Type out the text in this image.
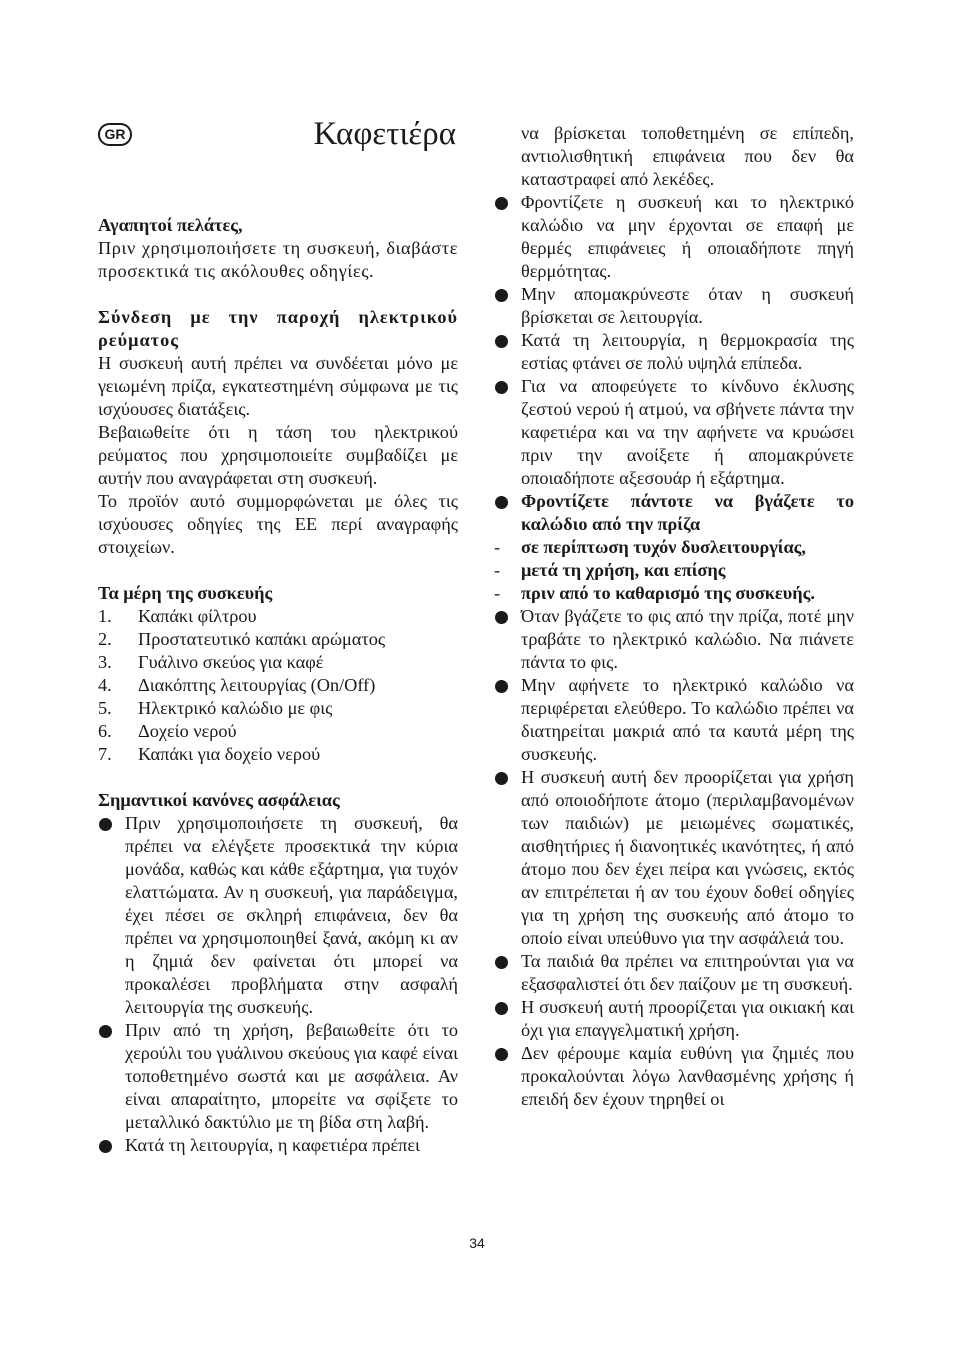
GR	Καφετιέρα

Αγαπητοί πελάτες,

Πριν χρησιμοποιήσετε τη συσκευή, διαβάστε προσεκτικά τις ακόλουθες οδηγίες.

Σύνδεση με την παροχή ηλεκτρικού ρεύματος

Η συσκευή αυτή πρέπει να συνδέεται μόνο με γειωμένη πρίζα, εγκατεστημένη σύμφωνα με τις ισχύουσες διατάξεις.

Βεβαιωθείτε ότι η τάση του ηλεκτρικού ρεύματος που χρησιμοποιείτε συμβαδίζει με αυτήν που αναγράφεται στη συσκευή.

Το προϊόν αυτό συμμορφώνεται με όλες τις ισχύουσες οδηγίες της ΕΕ περί αναγραφής στοιχείων.

Τα μέρη της συσκευής

1.	Καπάκι φίλτρου
2.	Προστατευτικό καπάκι αρώματος
3.	Γυάλινο σκεύος για καφέ
4.	Διακόπτης λειτουργίας (On/Off)
5.	Ηλεκτρικό καλώδιο με φις
6.	Δοχείο νερού
7.	Καπάκι για δοχείο νερού

Σημαντικοί κανόνες ασφάλειας

Πριν χρησιμοποιήσετε τη συσκευή, θα πρέπει να ελέγξετε προσεκτικά την κύρια μονάδα, καθώς και κάθε εξάρτημα, για τυχόν ελαττώματα. Αν η συσκευή, για παράδειγμα, έχει πέσει σε σκληρή επιφάνεια, δεν θα πρέπει να χρησιμοποιηθεί ξανά, ακόμη κι αν η ζημιά δεν φαίνεται ότι μπορεί να προκαλέσει προβλήματα στην ασφαλή λειτουργία της συσκευής.
Πριν από τη χρήση, βεβαιωθείτε ότι το χερούλι του γυάλινου σκεύους για καφέ είναι τοποθετημένο σωστά και με ασφάλεια. Αν είναι απαραίτητο, μπορείτε να σφίξετε το μεταλλικό δακτύλιο με τη βίδα στη λαβή.
Κατά τη λειτουργία, η καφετιέρα πρέπει

να βρίσκεται τοποθετημένη σε επίπεδη, αντιολισθητική επιφάνεια που δεν θα καταστραφεί από λεκέδες.

Φροντίζετε η συσκευή και το ηλεκτρικό καλώδιο να μην έρχονται σε επαφή με θερμές επιφάνειες ή οποιαδήποτε πηγή θερμότητας.
Μην απομακρύνεστε όταν η συσκευή βρίσκεται σε λειτουργία.
Κατά τη λειτουργία, η θερμοκρασία της εστίας φτάνει σε πολύ υψηλά επίπεδα.
Για να αποφεύγετε το κίνδυνο έκλυσης ζεστού νερού ή ατμού, να σβήνετε πάντα την καφετιέρα και να την αφήνετε να κρυώσει πριν την ανοίξετε ή απομακρύνετε οποιαδήποτε αξεσουάρ ή εξάρτημα.
Φροντίζετε πάντοτε να βγάζετε το καλώδιο από την πρίζα
- σε περίπτωση τυχόν δυσλειτουργίας,
- μετά τη χρήση, και επίσης
- πριν από το καθαρισμό της συσκευής.
Όταν βγάζετε το φις από την πρίζα, ποτέ μην τραβάτε το ηλεκτρικό καλώδιο. Να πιάνετε πάντα το φις.
Μην αφήνετε το ηλεκτρικό καλώδιο να περιφέρεται ελεύθερο. Το καλώδιο πρέπει να διατηρείται μακριά από τα καυτά μέρη της συσκευής.
Η συσκευή αυτή δεν προορίζεται για χρήση από οποιοδήποτε άτομο (περιλαμβανομένων των παιδιών) με μειωμένες σωματικές, αισθητήριες ή διανοητικές ικανότητες, ή από άτομο που δεν έχει πείρα και γνώσεις, εκτός αν επιτρέπεται ή αν του έχουν δοθεί οδηγίες για τη χρήση της συσκευής από άτομο το οποίο είναι υπεύθυνο για την ασφάλειά του.
Τα παιδιά θα πρέπει να επιτηρούνται για να εξασφαλιστεί ότι δεν παίζουν με τη συσκευή.
Η συσκευή αυτή προορίζεται για οικιακή και όχι για επαγγελματική χρήση.
Δεν φέρουμε καμία ευθύνη για ζημιές που προκαλούνται λόγω λανθασμένης χρήσης ή επειδή δεν έχουν τηρηθεί οι
34
